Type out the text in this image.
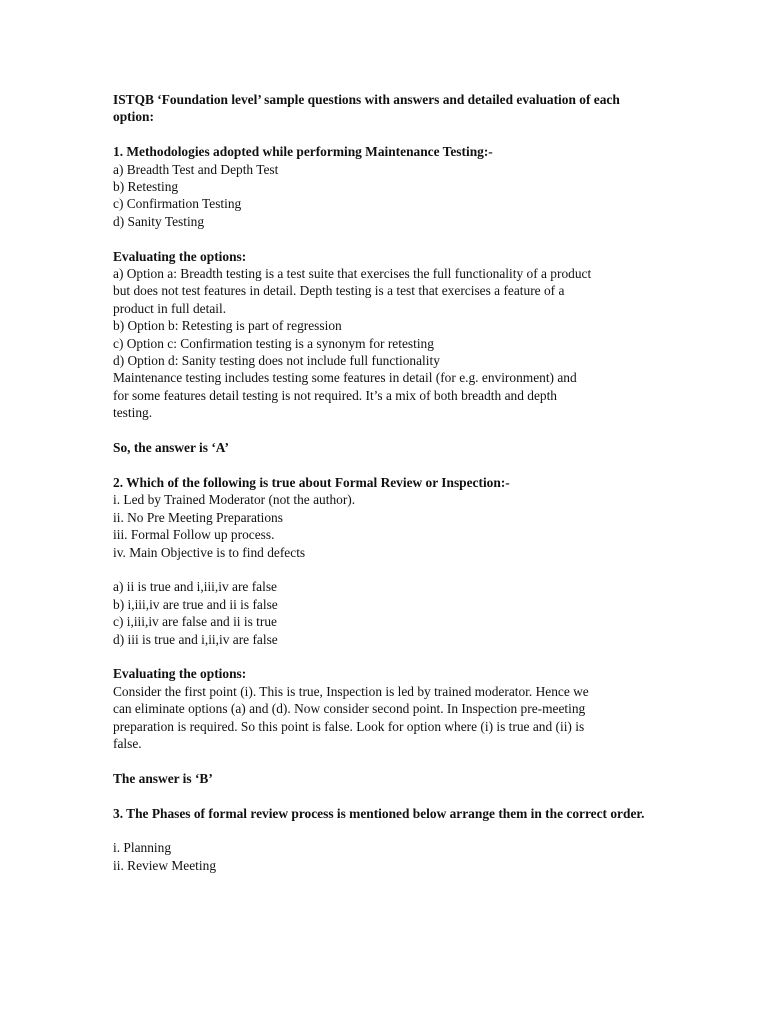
ISTQB ‘Foundation level’ sample questions with answers and detailed evaluation of each option:
1. Methodologies adopted while performing Maintenance Testing:-
a) Breadth Test and Depth Test
b) Retesting
c) Confirmation Testing
d) Sanity Testing
Evaluating the options:
a) Option a: Breadth testing is a test suite that exercises the full functionality of a product
but does not test features in detail. Depth testing is a test that exercises a feature of a
product in full detail.
b) Option b: Retesting is part of regression
c) Option c: Confirmation testing is a synonym for retesting
d) Option d: Sanity testing does not include full functionality
Maintenance testing includes testing some features in detail (for e.g. environment) and
for some features detail testing is not required. It’s a mix of both breadth and depth
testing.
So, the answer is ‘A’
2. Which of the following is true about Formal Review or Inspection:-
i. Led by Trained Moderator (not the author).
ii. No Pre Meeting Preparations
iii. Formal Follow up process.
iv. Main Objective is to find defects
a) ii is true and i,iii,iv are false
b) i,iii,iv are true and ii is false
c) i,iii,iv are false and ii is true
d) iii is true and i,ii,iv are false
Evaluating the options:
Consider the first point (i). This is true, Inspection is led by trained moderator. Hence we
can eliminate options (a) and (d). Now consider second point. In Inspection pre-meeting
preparation is required. So this point is false. Look for option where (i) is true and (ii) is
false.
The answer is ‘B’
3. The Phases of formal review process is mentioned below arrange them in the correct order.
i. Planning
ii. Review Meeting
